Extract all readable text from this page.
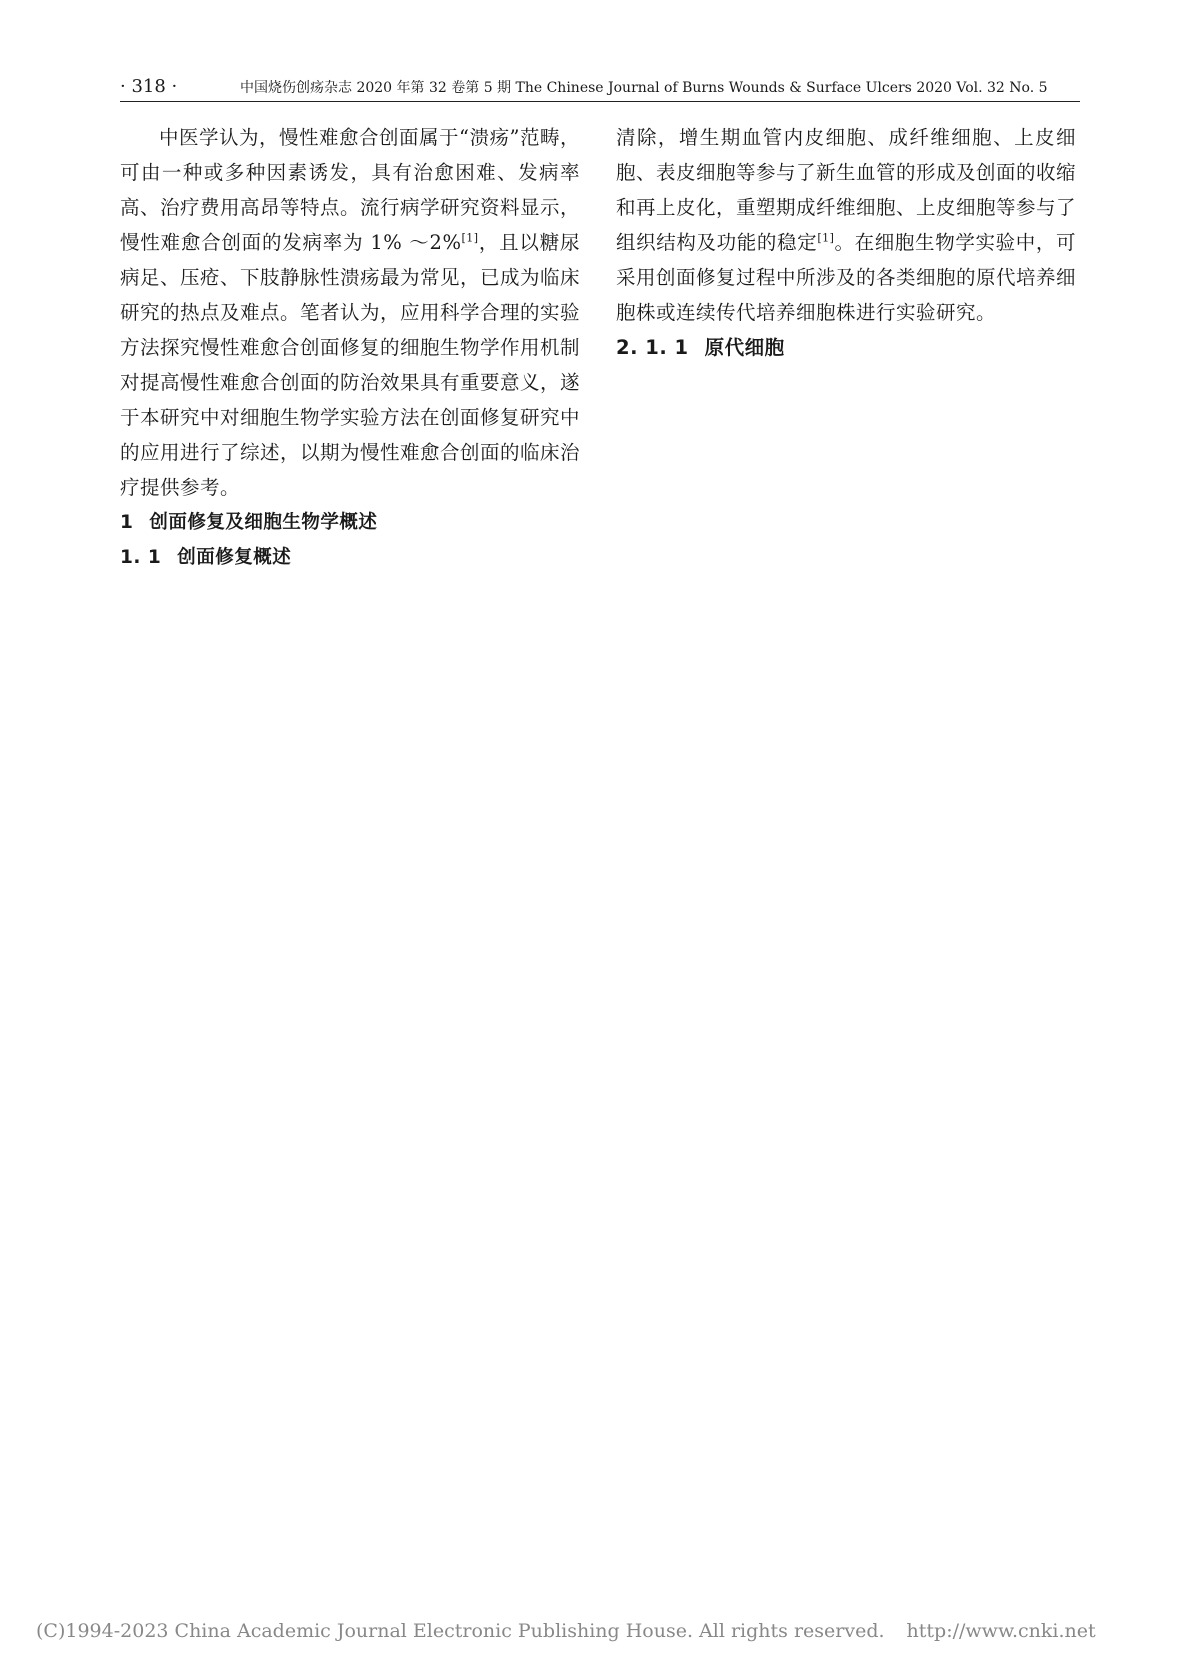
· 318 ·	中国烧伤创疡杂志 2020 年第 32 卷第 5 期 The Chinese Journal of Burns Wounds & Surface Ulcers 2020 Vol. 32 No. 5

中医学认为，慢性难愈合创面属于“溃疡”范畴，可由一种或多种因素诱发，具有治愈困难、发病率高、治疗费用高昂等特点。流行病学研究资料显示，慢性难愈合创面的发病率为 1% ～2%[1]，且以糖尿病足、压疮、下肢静脉性溃疡最为常见，已成为临床研究的热点及难点。笔者认为，应用科学合理的实验方法探究慢性难愈合创面修复的细胞生物学作用机制对提高慢性难愈合创面的防治效果具有重要意义，遂于本研究中对细胞生物学实验方法在创面修复研究中的应用进行了综述，以期为慢性难愈合创面的临床治疗提供参考。

1 创面修复及细胞生物学概述

1. 1 创面修复概述

清除，增生期血管内皮细胞、成纤维细胞、上皮细胞、表皮细胞等参与了新生血管的形成及创面的收缩和再上皮化，重塑期成纤维细胞、上皮细胞等参与了组织结构及功能的稳定[1]。在细胞生物学实验中，可采用创面修复过程中所涉及的各类细胞的原代培养细胞株或连续传代培养细胞株进行实验研究。

2. 1. 1 原代细胞

(C)1994-2023 China Academic Journal Electronic Publishing House. All rights reserved. http://www.cnki.net
